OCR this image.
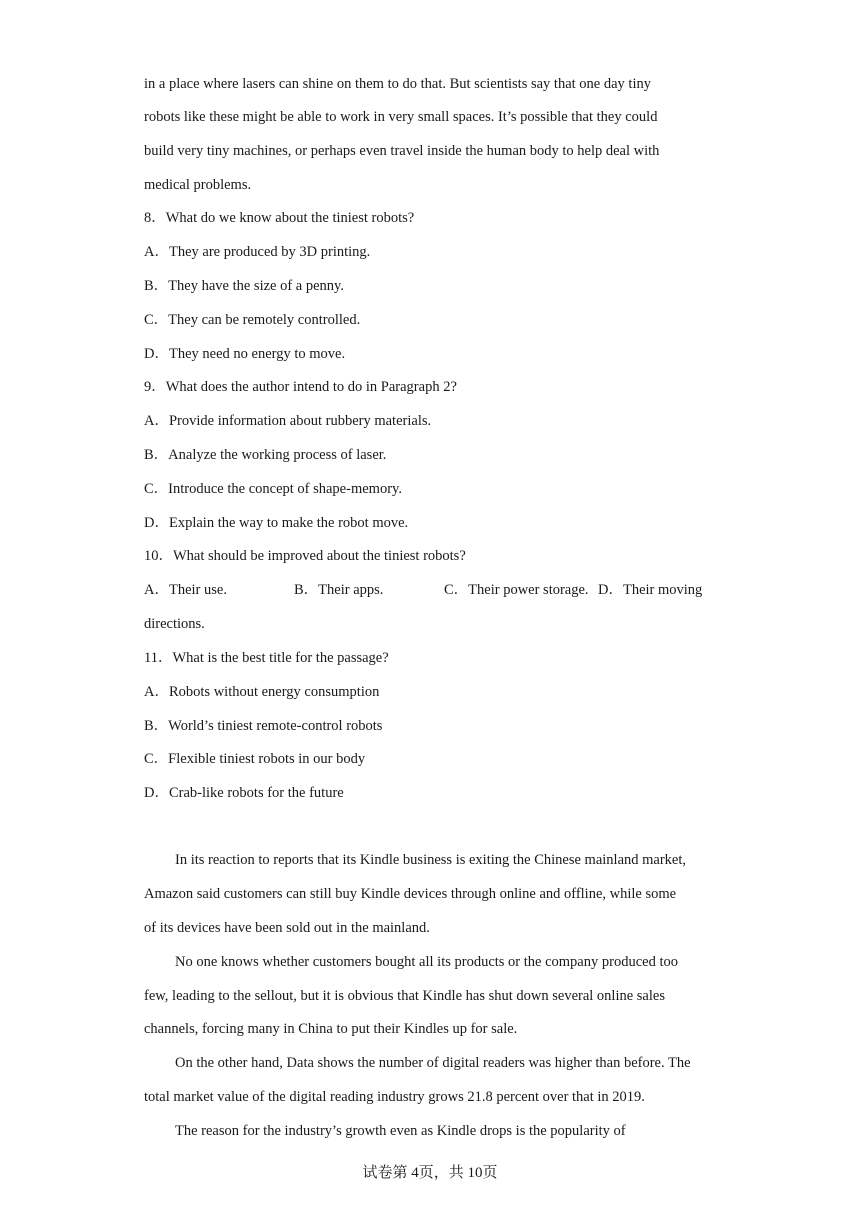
in a place where lasers can shine on them to do that. But scientists say that one day tiny
robots like these might be able to work in very small spaces. It’s possible that they could
build very tiny machines, or perhaps even travel inside the human body to help deal with
medical problems.
8．What do we know about the tiniest robots?
A．They are produced by 3D printing.
B．They have the size of a penny.
C．They can be remotely controlled.
D．They need no energy to move.
9．What does the author intend to do in Paragraph 2?
A．Provide information about rubbery materials.
B．Analyze the working process of laser.
C．Introduce the concept of shape-memory.
D．Explain the way to make the robot move.
10．What should be improved about the tiniest robots?
A．Their use.	B．Their apps.	C．Their power storage. D．Their moving
directions.
11．What is the best title for the passage?
A．Robots without energy consumption
B．World’s tiniest remote-control robots
C．Flexible tiniest robots in our body
D．Crab-like robots for the future
In its reaction to reports that its Kindle business is exiting the Chinese mainland market,
Amazon said customers can still buy Kindle devices through online and offline, while some
of its devices have been sold out in the mainland.
No one knows whether customers bought all its products or the company produced too
few, leading to the sellout, but it is obvious that Kindle has shut down several online sales
channels, forcing many in China to put their Kindles up for sale.
On the other hand, Data shows the number of digital readers was higher than before. The
total market value of the digital reading industry grows 21.8 percent over that in 2019.
The reason for the industry’s growth even as Kindle drops is the popularity of
试卷第 4页，共 10页
